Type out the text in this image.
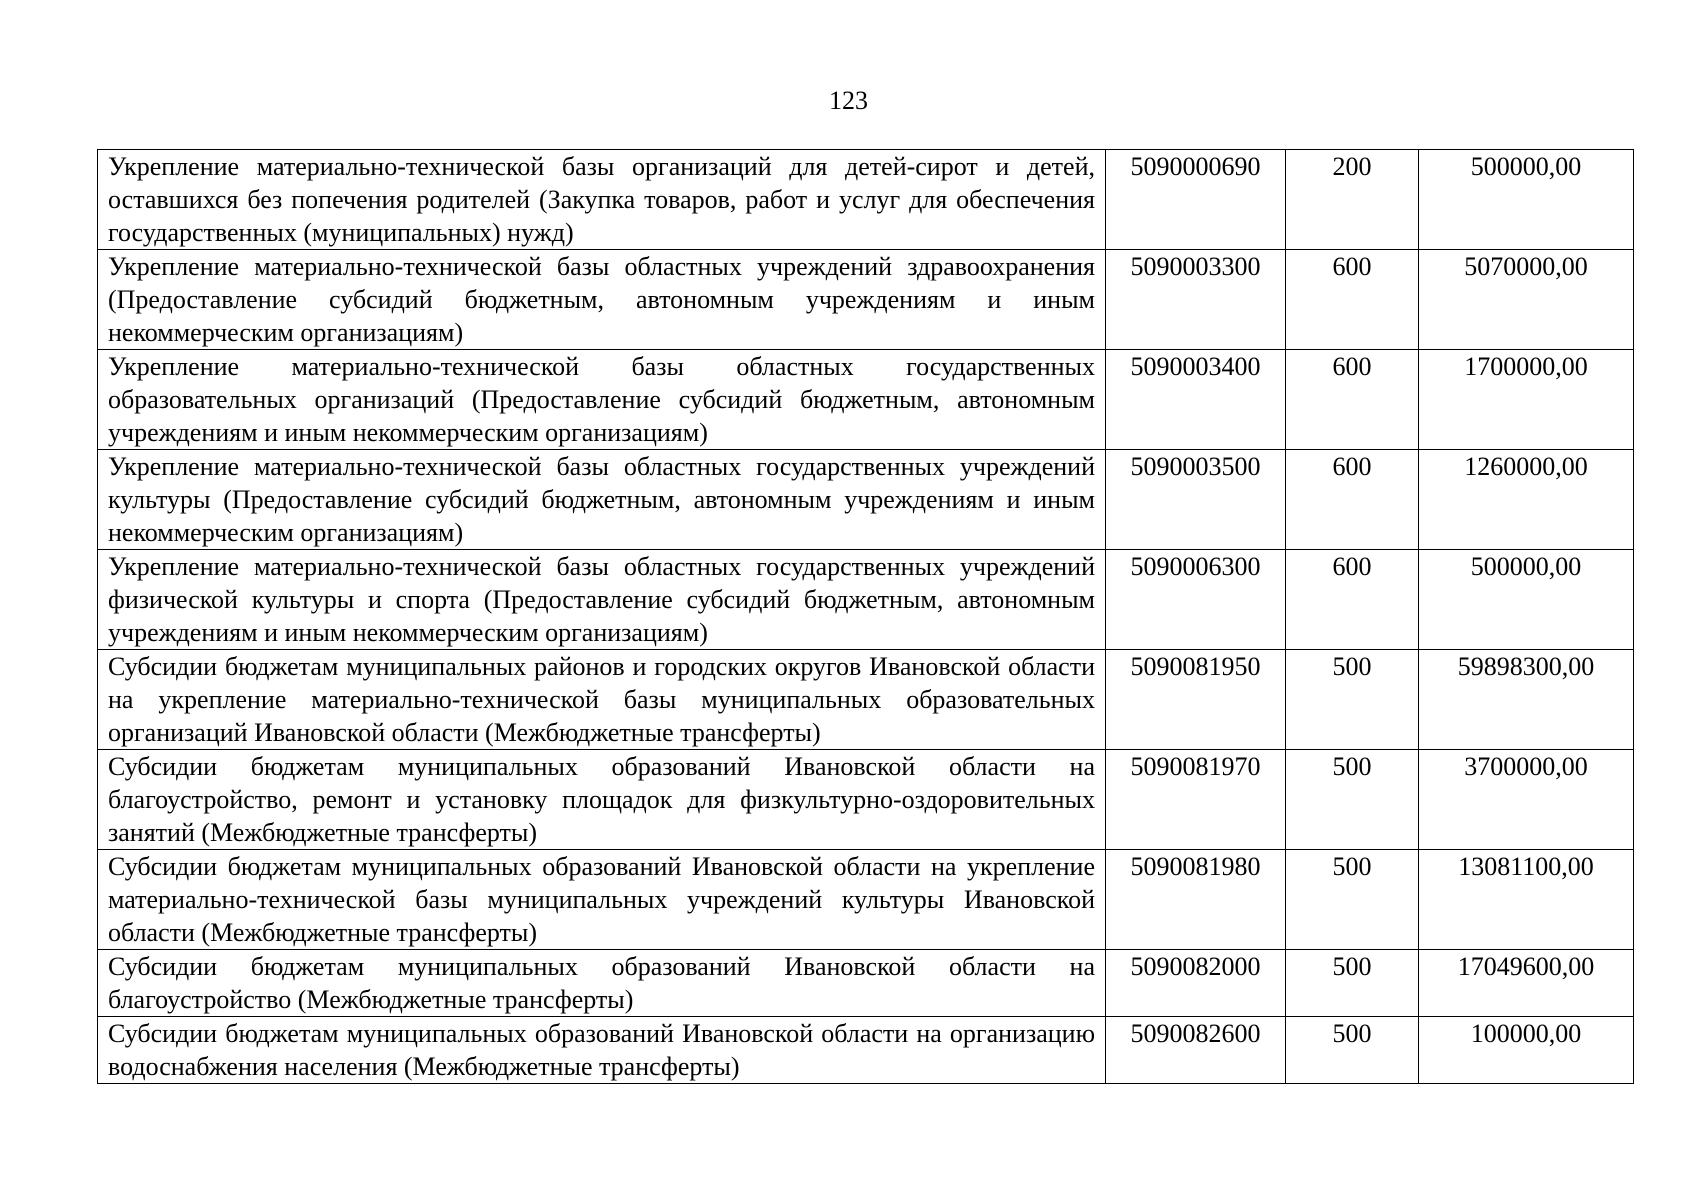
123
Укрепление материально-технической базы организаций для детей-сирот и детей, оставшихся без попечения родителей (Закупка товаров, работ и услуг для обеспечения государственных (муниципальных) нужд)	5090000690	200	500000,00
Укрепление материально-технической базы областных учреждений здравоохранения (Предоставление субсидий бюджетным, автономным учреждениям и иным некоммерческим организациям)	5090003300	600	5070000,00
Укрепление материально-технической базы областных государственных образовательных организаций (Предоставление субсидий бюджетным, автономным учреждениям и иным некоммерческим организациям)	5090003400	600	1700000,00
Укрепление материально-технической базы областных государственных учреждений культуры (Предоставление субсидий бюджетным, автономным учреждениям и иным некоммерческим организациям)	5090003500	600	1260000,00
Укрепление материально-технической базы областных государственных учреждений физической культуры и спорта (Предоставление субсидий бюджетным, автономным учреждениям и иным некоммерческим организациям)	5090006300	600	500000,00
Субсидии бюджетам муниципальных районов и городских округов Ивановской области на укрепление материально-технической базы муниципальных образовательных организаций Ивановской области (Межбюджетные трансферты)	5090081950	500	59898300,00
Субсидии бюджетам муниципальных образований Ивановской области на благоустройство, ремонт и установку площадок для физкультурно-оздоровительных занятий (Межбюджетные трансферты)	5090081970	500	3700000,00
Субсидии бюджетам муниципальных образований Ивановской области на укрепление материально-технической базы муниципальных учреждений культуры Ивановской области (Межбюджетные трансферты)	5090081980	500	13081100,00
Субсидии бюджетам муниципальных образований Ивановской области на благоустройство (Межбюджетные трансферты)	5090082000	500	17049600,00
Субсидии бюджетам муниципальных образований Ивановской области на организацию водоснабжения населения (Межбюджетные трансферты)	5090082600	500	100000,00
